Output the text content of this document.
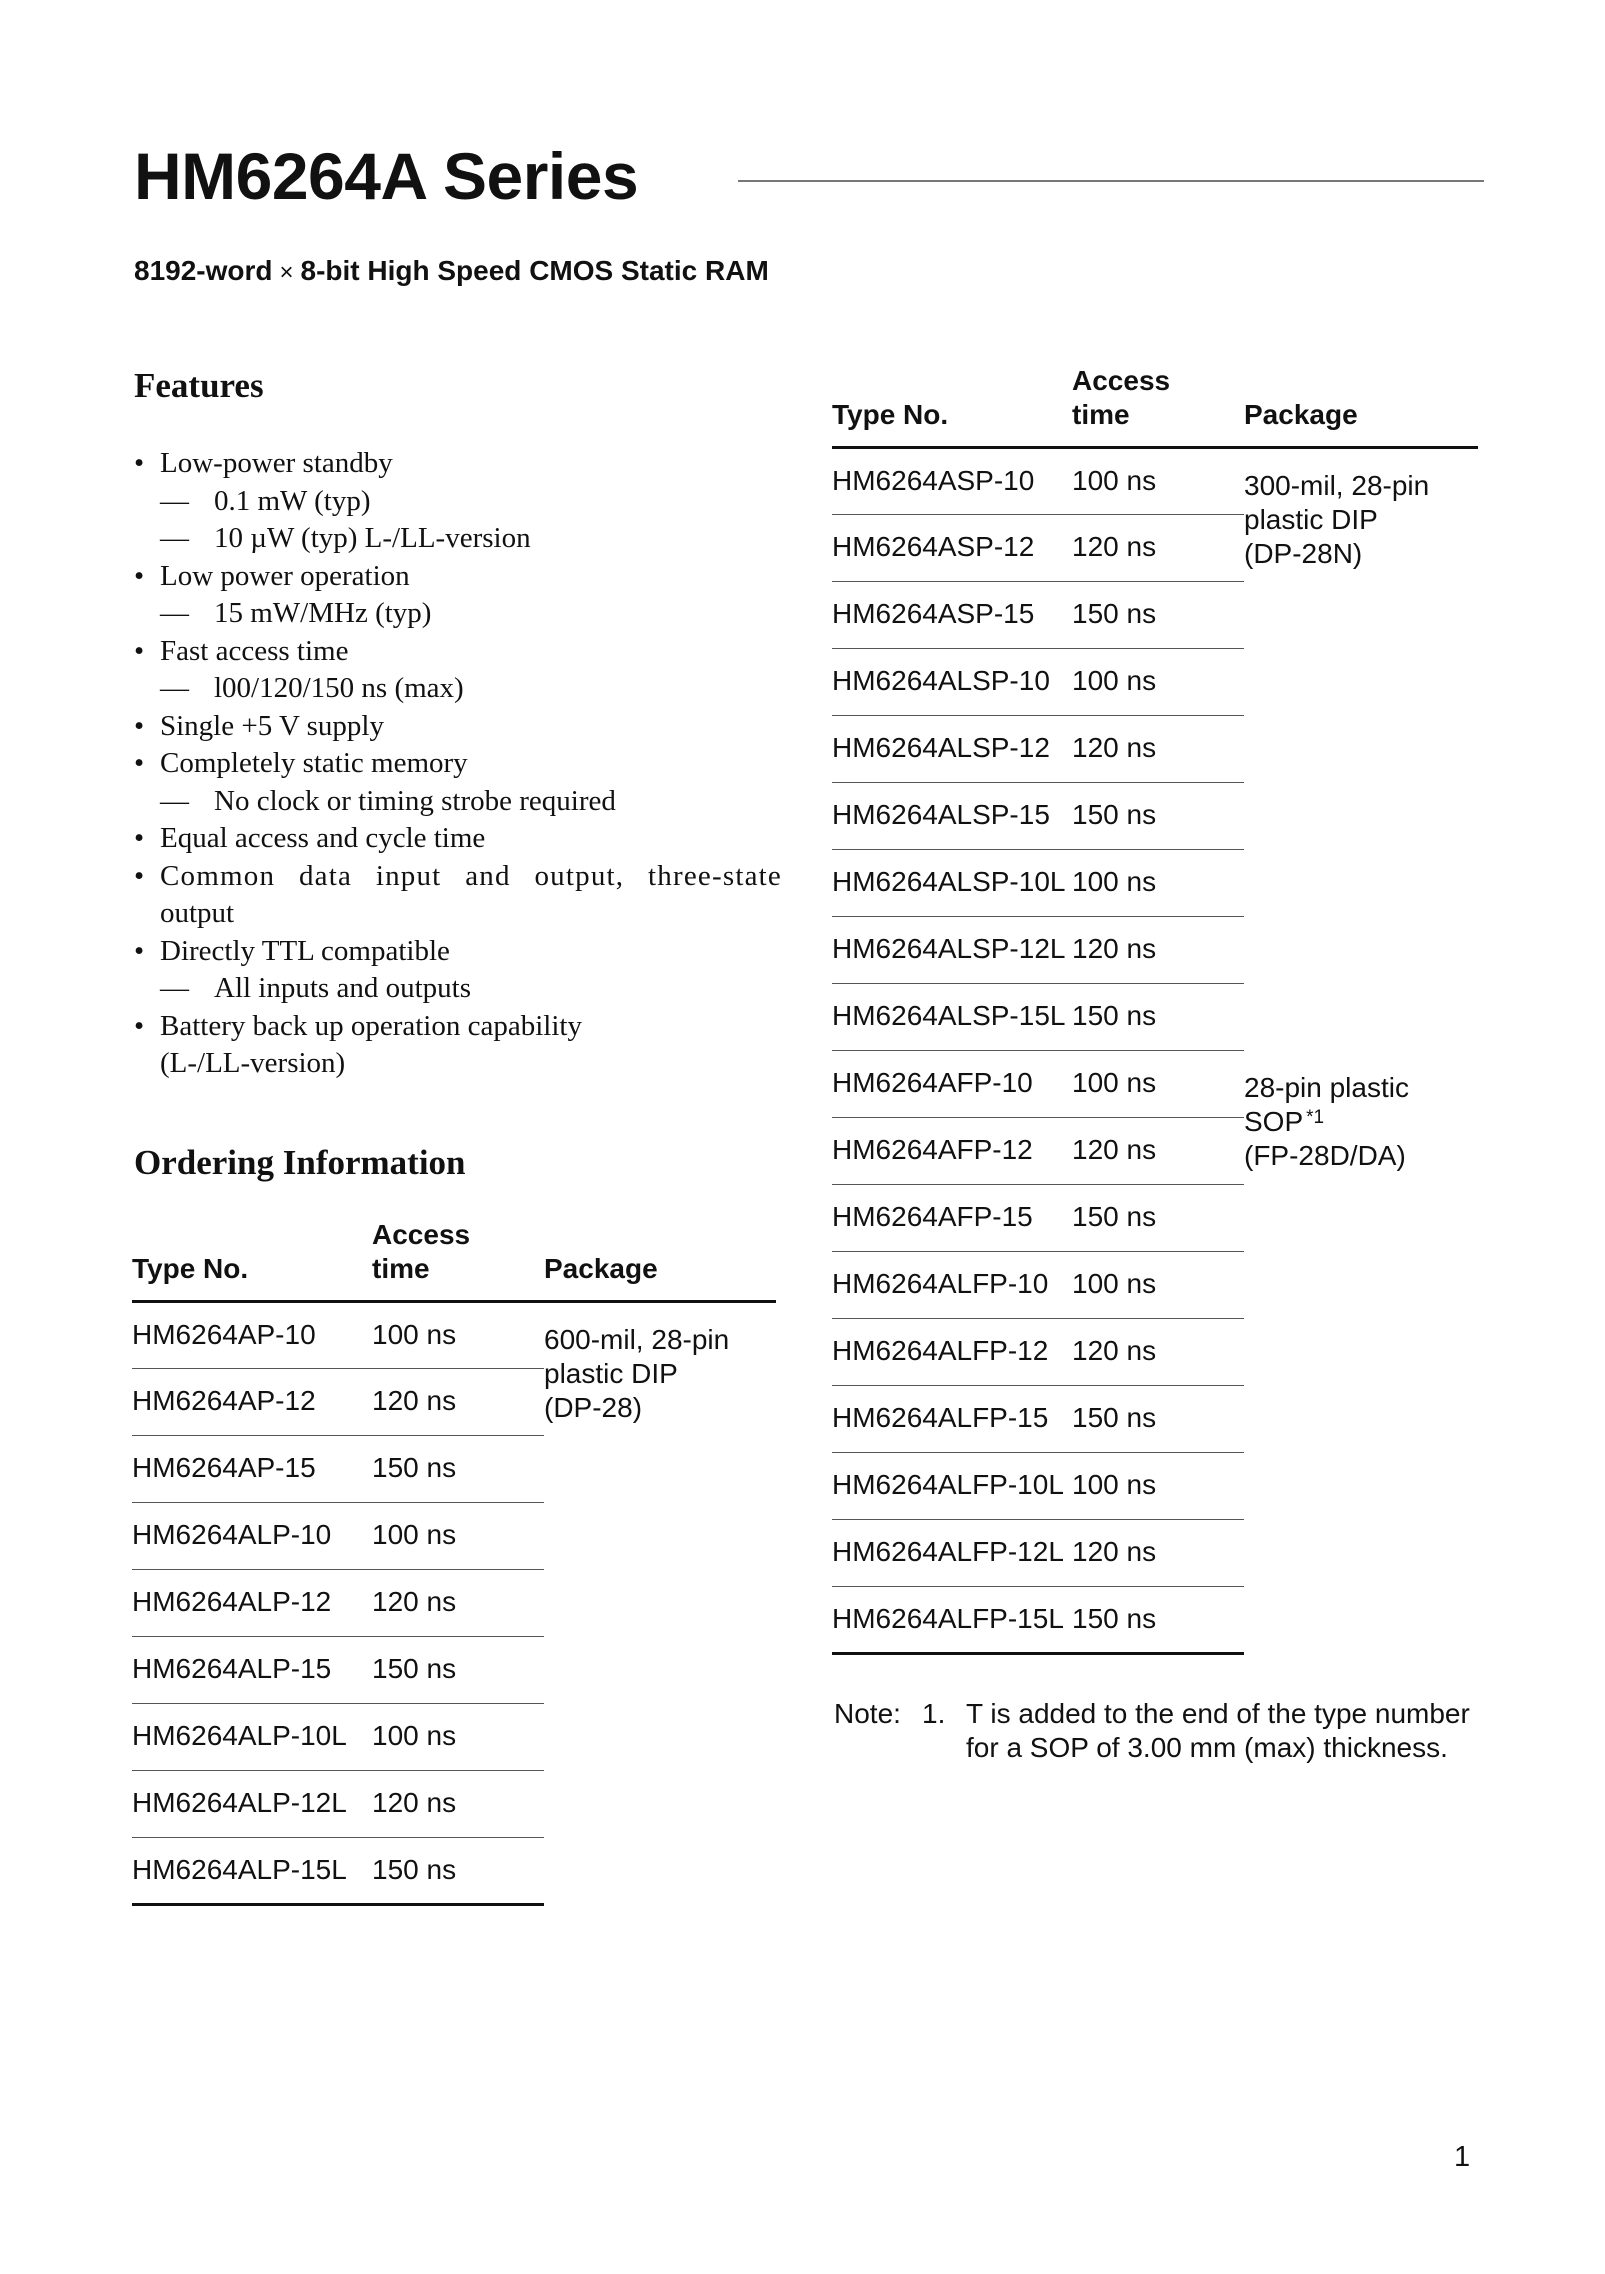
HM6264A Series
8192-word × 8-bit High Speed CMOS Static RAM
Features
• Low-power standby
— 0.1 mW (typ)
— 10 µW (typ) L-/LL-version
• Low power operation
— 15 mW/MHz (typ)
• Fast access time
— l00/120/150 ns (max)
• Single +5 V supply
• Completely static memory
— No clock or timing strobe required
• Equal access and cycle time
• Common data input and output, three-state
output
• Directly TTL compatible
— All inputs and outputs
• Battery back up operation capability
(L-/LL-version)
Ordering Information
Type No.	Access
time	Package
HM6264AP-10	100 ns	600-mil, 28-pin
plastic DIP
(DP-28)
HM6264AP-12	120 ns	
HM6264AP-15	150 ns	
HM6264ALP-10	100 ns	
HM6264ALP-12	120 ns	
HM6264ALP-15	150 ns	
HM6264ALP-10L	100 ns	
HM6264ALP-12L	120 ns	
HM6264ALP-15L	150 ns	
Type No.	Access
time	Package
HM6264ASP-10	100 ns	300-mil, 28-pin
plastic DIP
(DP-28N)
HM6264ASP-12	120 ns	
HM6264ASP-15	150 ns	
HM6264ALSP-10	100 ns	
HM6264ALSP-12	120 ns	
HM6264ALSP-15	150 ns	
HM6264ALSP-10L	100 ns	
HM6264ALSP-12L	120 ns	
HM6264ALSP-15L	150 ns	
HM6264AFP-10	100 ns	28-pin plastic
SOP $^{*1}$
(FP-28D/DA)
HM6264AFP-12	120 ns	
HM6264AFP-15	150 ns	
HM6264ALFP-10	100 ns	
HM6264ALFP-12	120 ns	
HM6264ALFP-15	150 ns	
HM6264ALFP-10L	100 ns	
HM6264ALFP-12L	120 ns	
HM6264ALFP-15L	150 ns	
Note: 1. T is added to the end of the type number for a SOP of 3.00 mm (max) thickness.
1
